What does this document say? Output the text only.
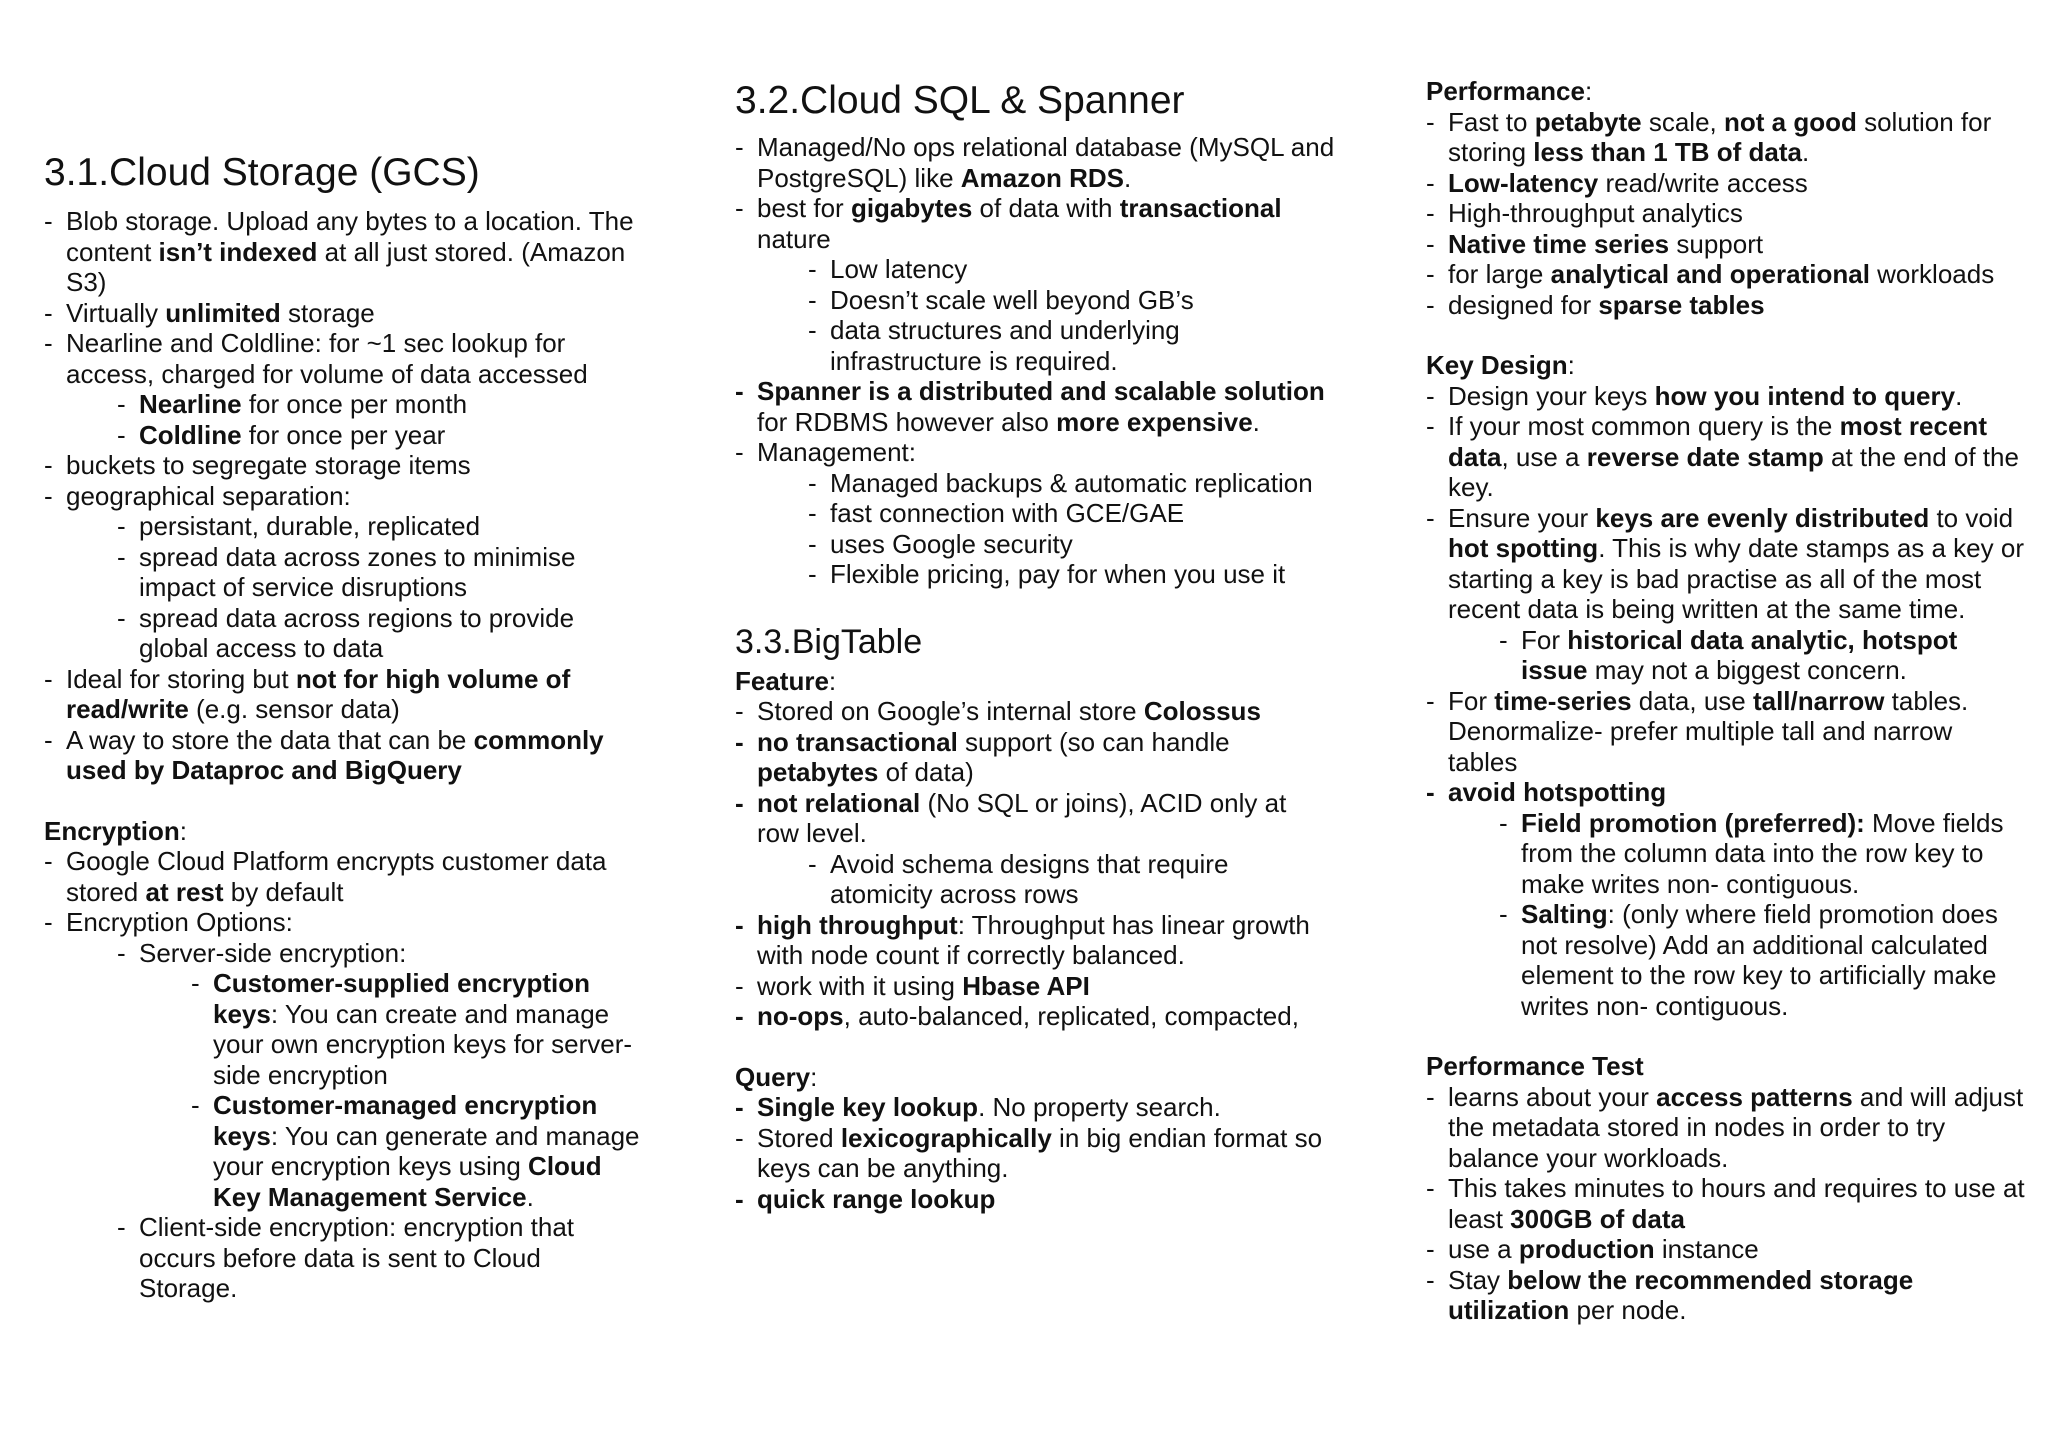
3.1.Cloud Storage (GCS)
- Blob storage. Upload any bytes to a location. The content isn’t indexed at all just stored. (Amazon S3)
- Virtually unlimited storage
- Nearline and Coldline: for ~1 sec lookup for access, charged for volume of data accessed
- Nearline for once per month
- Coldline for once per year
- buckets to segregate storage items
- geographical separation:
- persistant, durable, replicated
- spread data across zones to minimise impact of service disruptions
- spread data across regions to provide global access to data
- Ideal for storing but not for high volume of read/write (e.g. sensor data)
- A way to store the data that can be commonly used by Dataproc and BigQuery
Encryption:
- Google Cloud Platform encrypts customer data stored at rest by default
- Encryption Options:
- Server-side encryption:
- Customer-supplied encryption keys: You can create and manage your own encryption keys for server-side encryption
- Customer-managed encryption keys: You can generate and manage your encryption keys using Cloud Key Management Service.
- Client-side encryption: encryption that occurs before data is sent to Cloud Storage.
3.2.Cloud SQL & Spanner
- Managed/No ops relational database (MySQL and PostgreSQL) like Amazon RDS.
- best for gigabytes of data with transactional nature
- Low latency
- Doesn’t scale well beyond GB’s
- data structures and underlying infrastructure is required.
- Spanner is a distributed and scalable solution for RDBMS however also more expensive.
- Management:
- Managed backups & automatic replication
- fast connection with GCE/GAE
- uses Google security
- Flexible pricing, pay for when you use it
3.3.BigTable
Feature:
- Stored on Google’s internal store Colossus
- no transactional support (so can handle petabytes of data)
- not relational (No SQL or joins), ACID only at row level.
- Avoid schema designs that require atomicity across rows
- high throughput: Throughput has linear growth with node count if correctly balanced.
- work with it using Hbase API
- no-ops, auto-balanced, replicated, compacted,
Query:
- Single key lookup. No property search.
- Stored lexicographically in big endian format so keys can be anything.
- quick range lookup
Performance:
- Fast to petabyte scale, not a good solution for storing less than 1 TB of data.
- Low-latency read/write access
- High-throughput analytics
- Native time series support
- for large analytical and operational workloads
- designed for sparse tables
Key Design:
- Design your keys how you intend to query.
- If your most common query is the most recent data, use a reverse date stamp at the end of the key.
- Ensure your keys are evenly distributed to void hot spotting. This is why date stamps as a key or starting a key is bad practise as all of the most recent data is being written at the same time.
- For historical data analytic, hotspot issue may not a biggest concern.
- For time-series data, use tall/narrow tables. Denormalize- prefer multiple tall and narrow tables
- avoid hotspotting
- Field promotion (preferred): Move fields from the column data into the row key to make writes non- contiguous.
- Salting: (only where field promotion does not resolve) Add an additional calculated element to the row key to artificially make writes non- contiguous.
Performance Test
- learns about your access patterns and will adjust the metadata stored in nodes in order to try balance your workloads.
- This takes minutes to hours and requires to use at least 300GB of data
- use a production instance
- Stay below the recommended storage utilization per node.
